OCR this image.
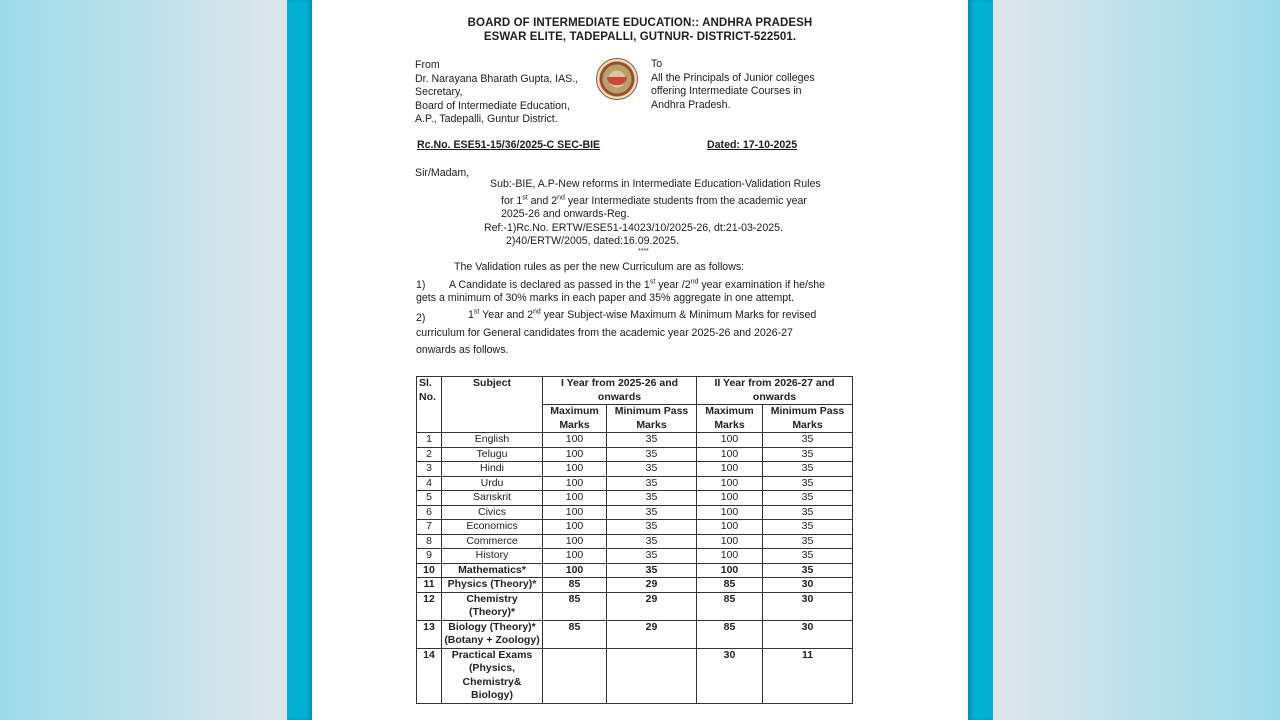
BOARD OF INTERMEDIATE EDUCATION:: ANDHRA PRADESH
ESWAR ELITE, TADEPALLI, GUTNUR- DISTRICT-522501.
From
Dr. Narayana Bharath Gupta, IAS.,
Secretary,
Board of Intermediate Education,
A.P., Tadepalli, Guntur District.
To
All the Principals of Junior colleges
offering Intermediate Courses in
Andhra Pradesh.
Rc.No. ESE51-15/36/2025-C SEC-BIE	Dated: 17-10-2025
Sir/Madam,
Sub:-BIE, A.P-New reforms in Intermediate Education-Validation Rules
for 1st and 2nd year Intermediate students from the academic year
2025-26 and onwards-Reg.
Ref:-1)Rc.No. ERTW/ESE51-14023/10/2025-26, dt:21-03-2025.
2)40/ERTW/2005, dated:16.09.2025.
****
The Validation rules as per the new Curriculum are as follows:
1) A Candidate is declared as passed in the 1st year /2nd year examination if he/she
gets a minimum of 30% marks in each paper and 35% aggregate in one attempt.
2)	1st Year and 2nd year Subject-wise Maximum & Minimum Marks for revised
curriculum for General candidates from the academic year 2025-26 and 2026-27
onwards as follows.
Sl. No.	Subject	I Year from 2025-26 and onwards		II Year from 2026-27 and onwards	
		Maximum Marks	Minimum Pass Marks	Maximum Marks	Minimum Pass Marks
1	English	100	35	100	35
2	Telugu	100	35	100	35
3	Hindi	100	35	100	35
4	Urdu	100	35	100	35
5	Sanskrit	100	35	100	35
6	Civics	100	35	100	35
7	Economics	100	35	100	35
8	Commerce	100	35	100	35
9	History	100	35	100	35
10	Mathematics*	100	35	100	35
11	Physics (Theory)*	85	29	85	30
12	Chemistry (Theory)*	85	29	85	30
13	Biology (Theory)* (Botany + Zoology)	85	29	85	30
14	Practical Exams (Physics, Chemistry& Biology)			30	11
